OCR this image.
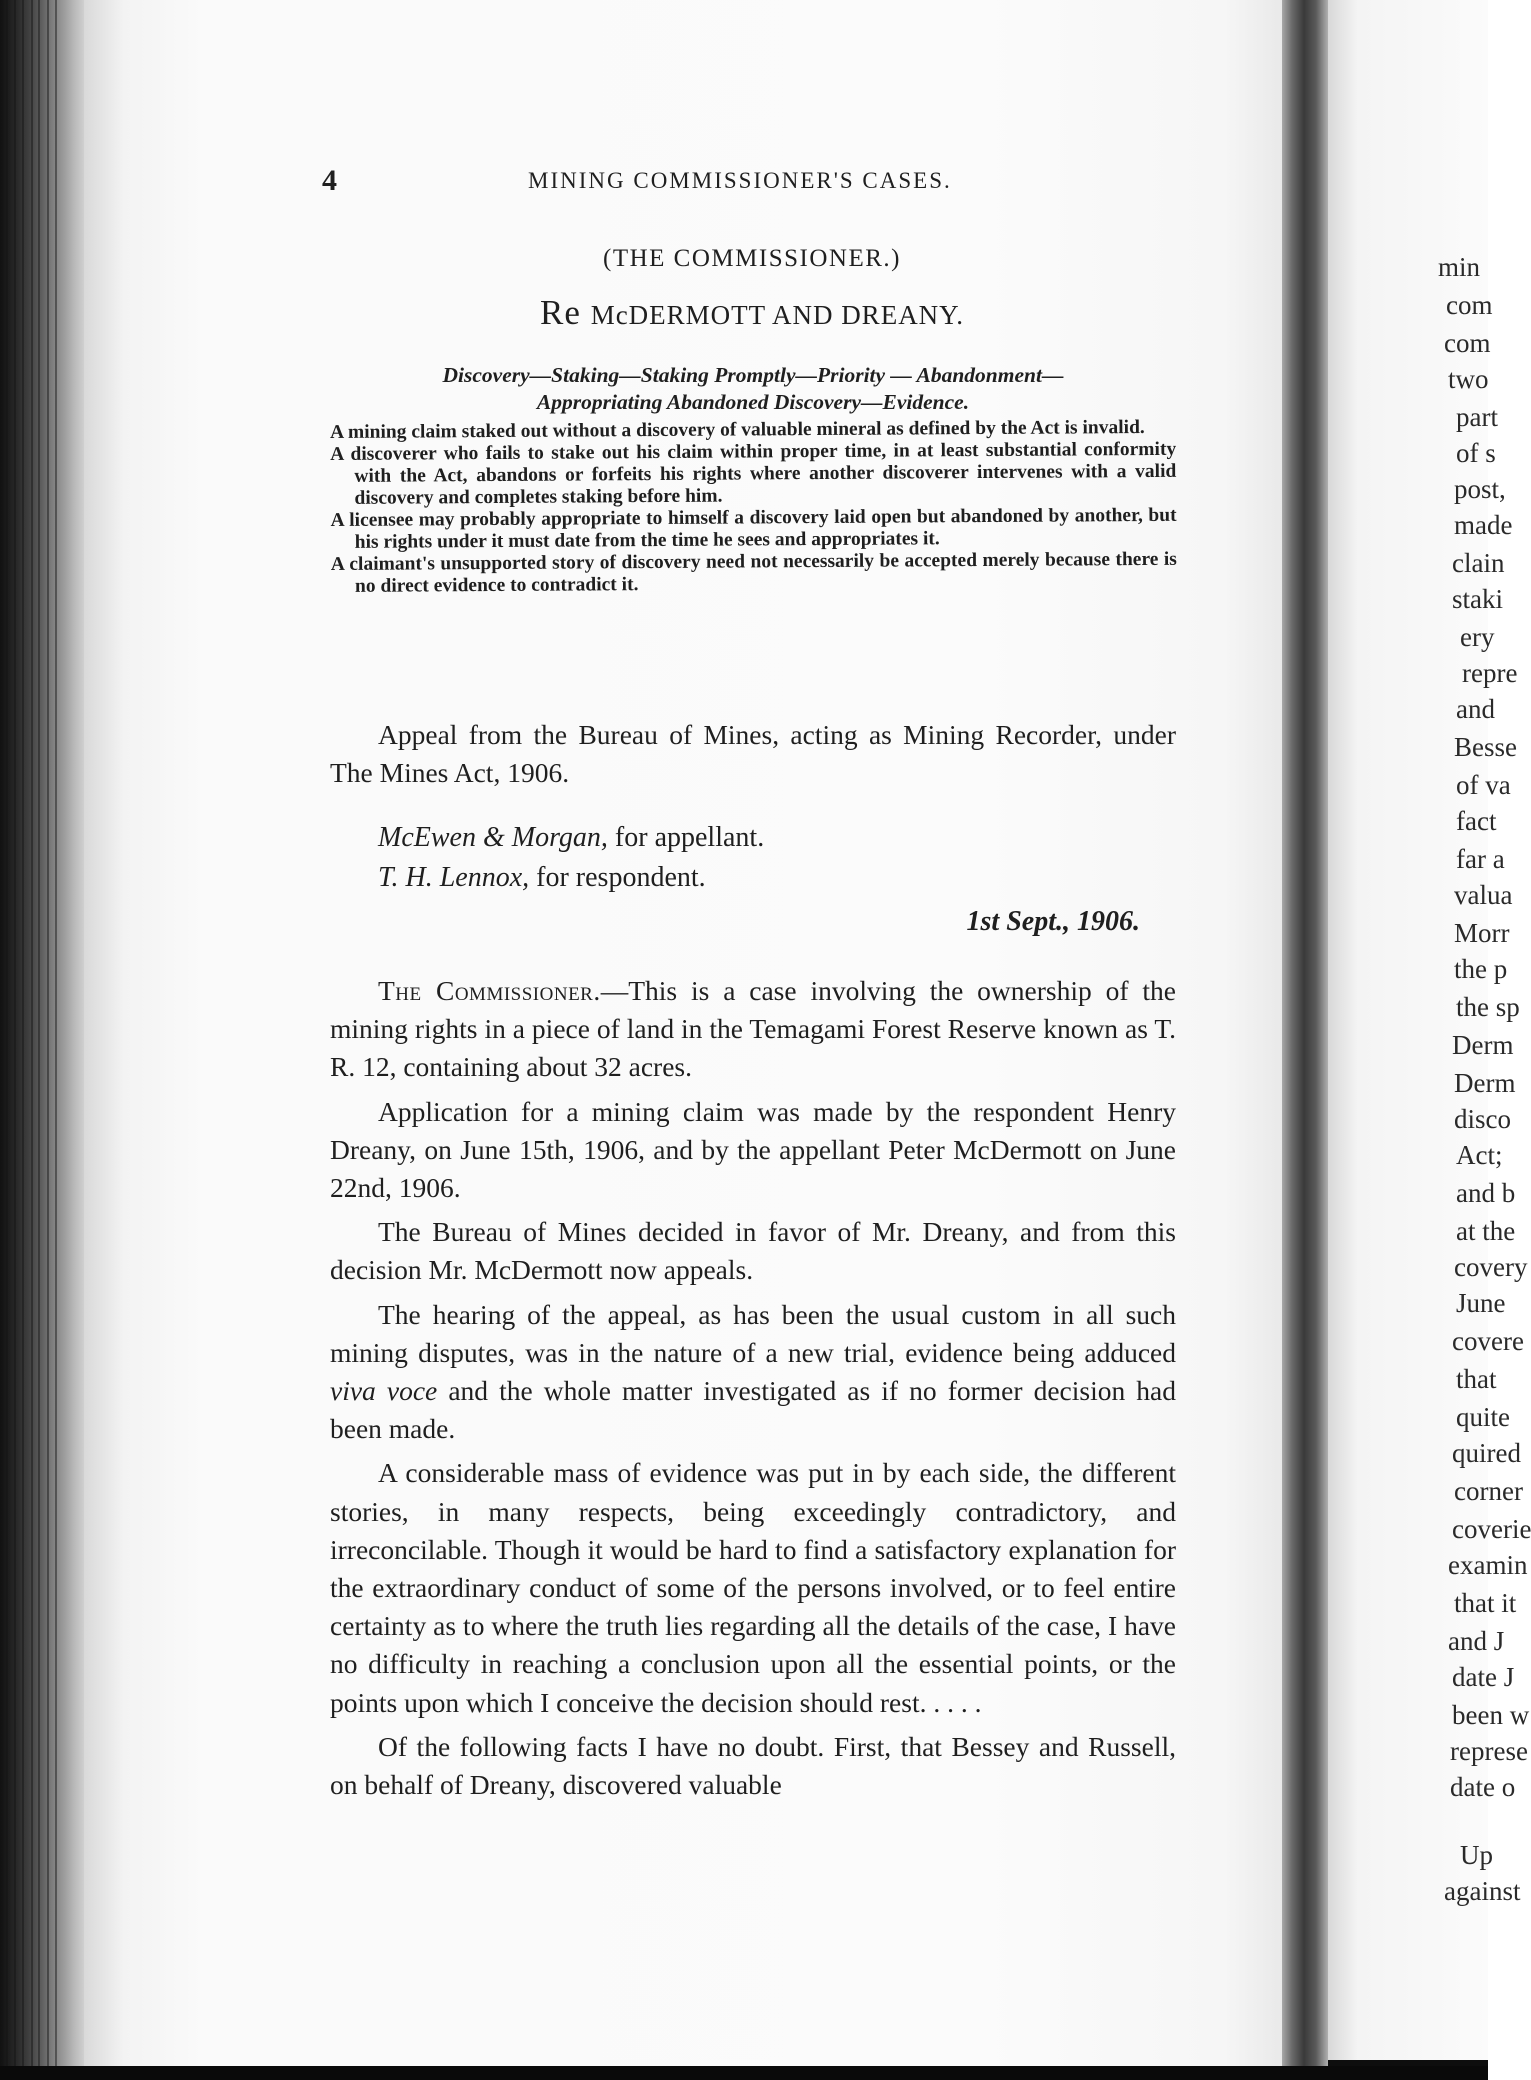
4	MINING COMMISSIONER'S CASES.
(THE COMMISSIONER.)
Re McDERMOTT AND DREANY.
Discovery—Staking—Staking Promptly—Priority — Abandonment—
Appropriating Abandoned Discovery—Evidence.

A mining claim staked out without a discovery of valuable mineral as defined by the Act is invalid.

A discoverer who fails to stake out his claim within proper time, in at least substantial conformity with the Act, abandons or forfeits his rights where another discoverer intervenes with a valid discovery and completes staking before him.

A licensee may probably appropriate to himself a discovery laid open but abandoned by another, but his rights under it must date from the time he sees and appropriates it.

A claimant's unsupported story of discovery need not necessarily be accepted merely because there is no direct evidence to contradict it.

Appeal from the Bureau of Mines, acting as Mining Recorder, under The Mines Act, 1906.
McEwen & Morgan, for appellant.
T. H. Lennox, for respondent.
1st Sept., 1906.

The Commissioner.—This is a case involving the ownership of the mining rights in a piece of land in the Temagami Forest Reserve known as T. R. 12, containing about 32 acres.

Application for a mining claim was made by the respondent Henry Dreany, on June 15th, 1906, and by the appellant Peter McDermott on June 22nd, 1906.

The Bureau of Mines decided in favor of Mr. Dreany, and from this decision Mr. McDermott now appeals.

The hearing of the appeal, as has been the usual custom in all such mining disputes, was in the nature of a new trial, evidence being adduced viva voce and the whole matter investigated as if no former decision had been made.

A considerable mass of evidence was put in by each side, the different stories, in many respects, being exceedingly contradictory, and irreconcilable. Though it would be hard to find a satisfactory explanation for the extraordinary conduct of some of the persons involved, or to feel entire certainty as to where the truth lies regarding all the details of the case, I have no difficulty in reaching a conclusion upon all the essential points, or the points upon which I conceive the decision should rest. . . . .

Of the following facts I have no doubt. First, that Bessey and Russell, on behalf of Dreany, discovered valuable

min
com
com
two
part
of s
post,
made
clain
staki
ery
repre
and
Besse
of va
fact
far a
valua
Morr
the p
the sp
Derm
Derm
disco
Act;
and b
at the
covery
June
covere
that
quite
quired
corner
coverie
examin
that it
and J
date J
been w
represe
date o
Up
against
